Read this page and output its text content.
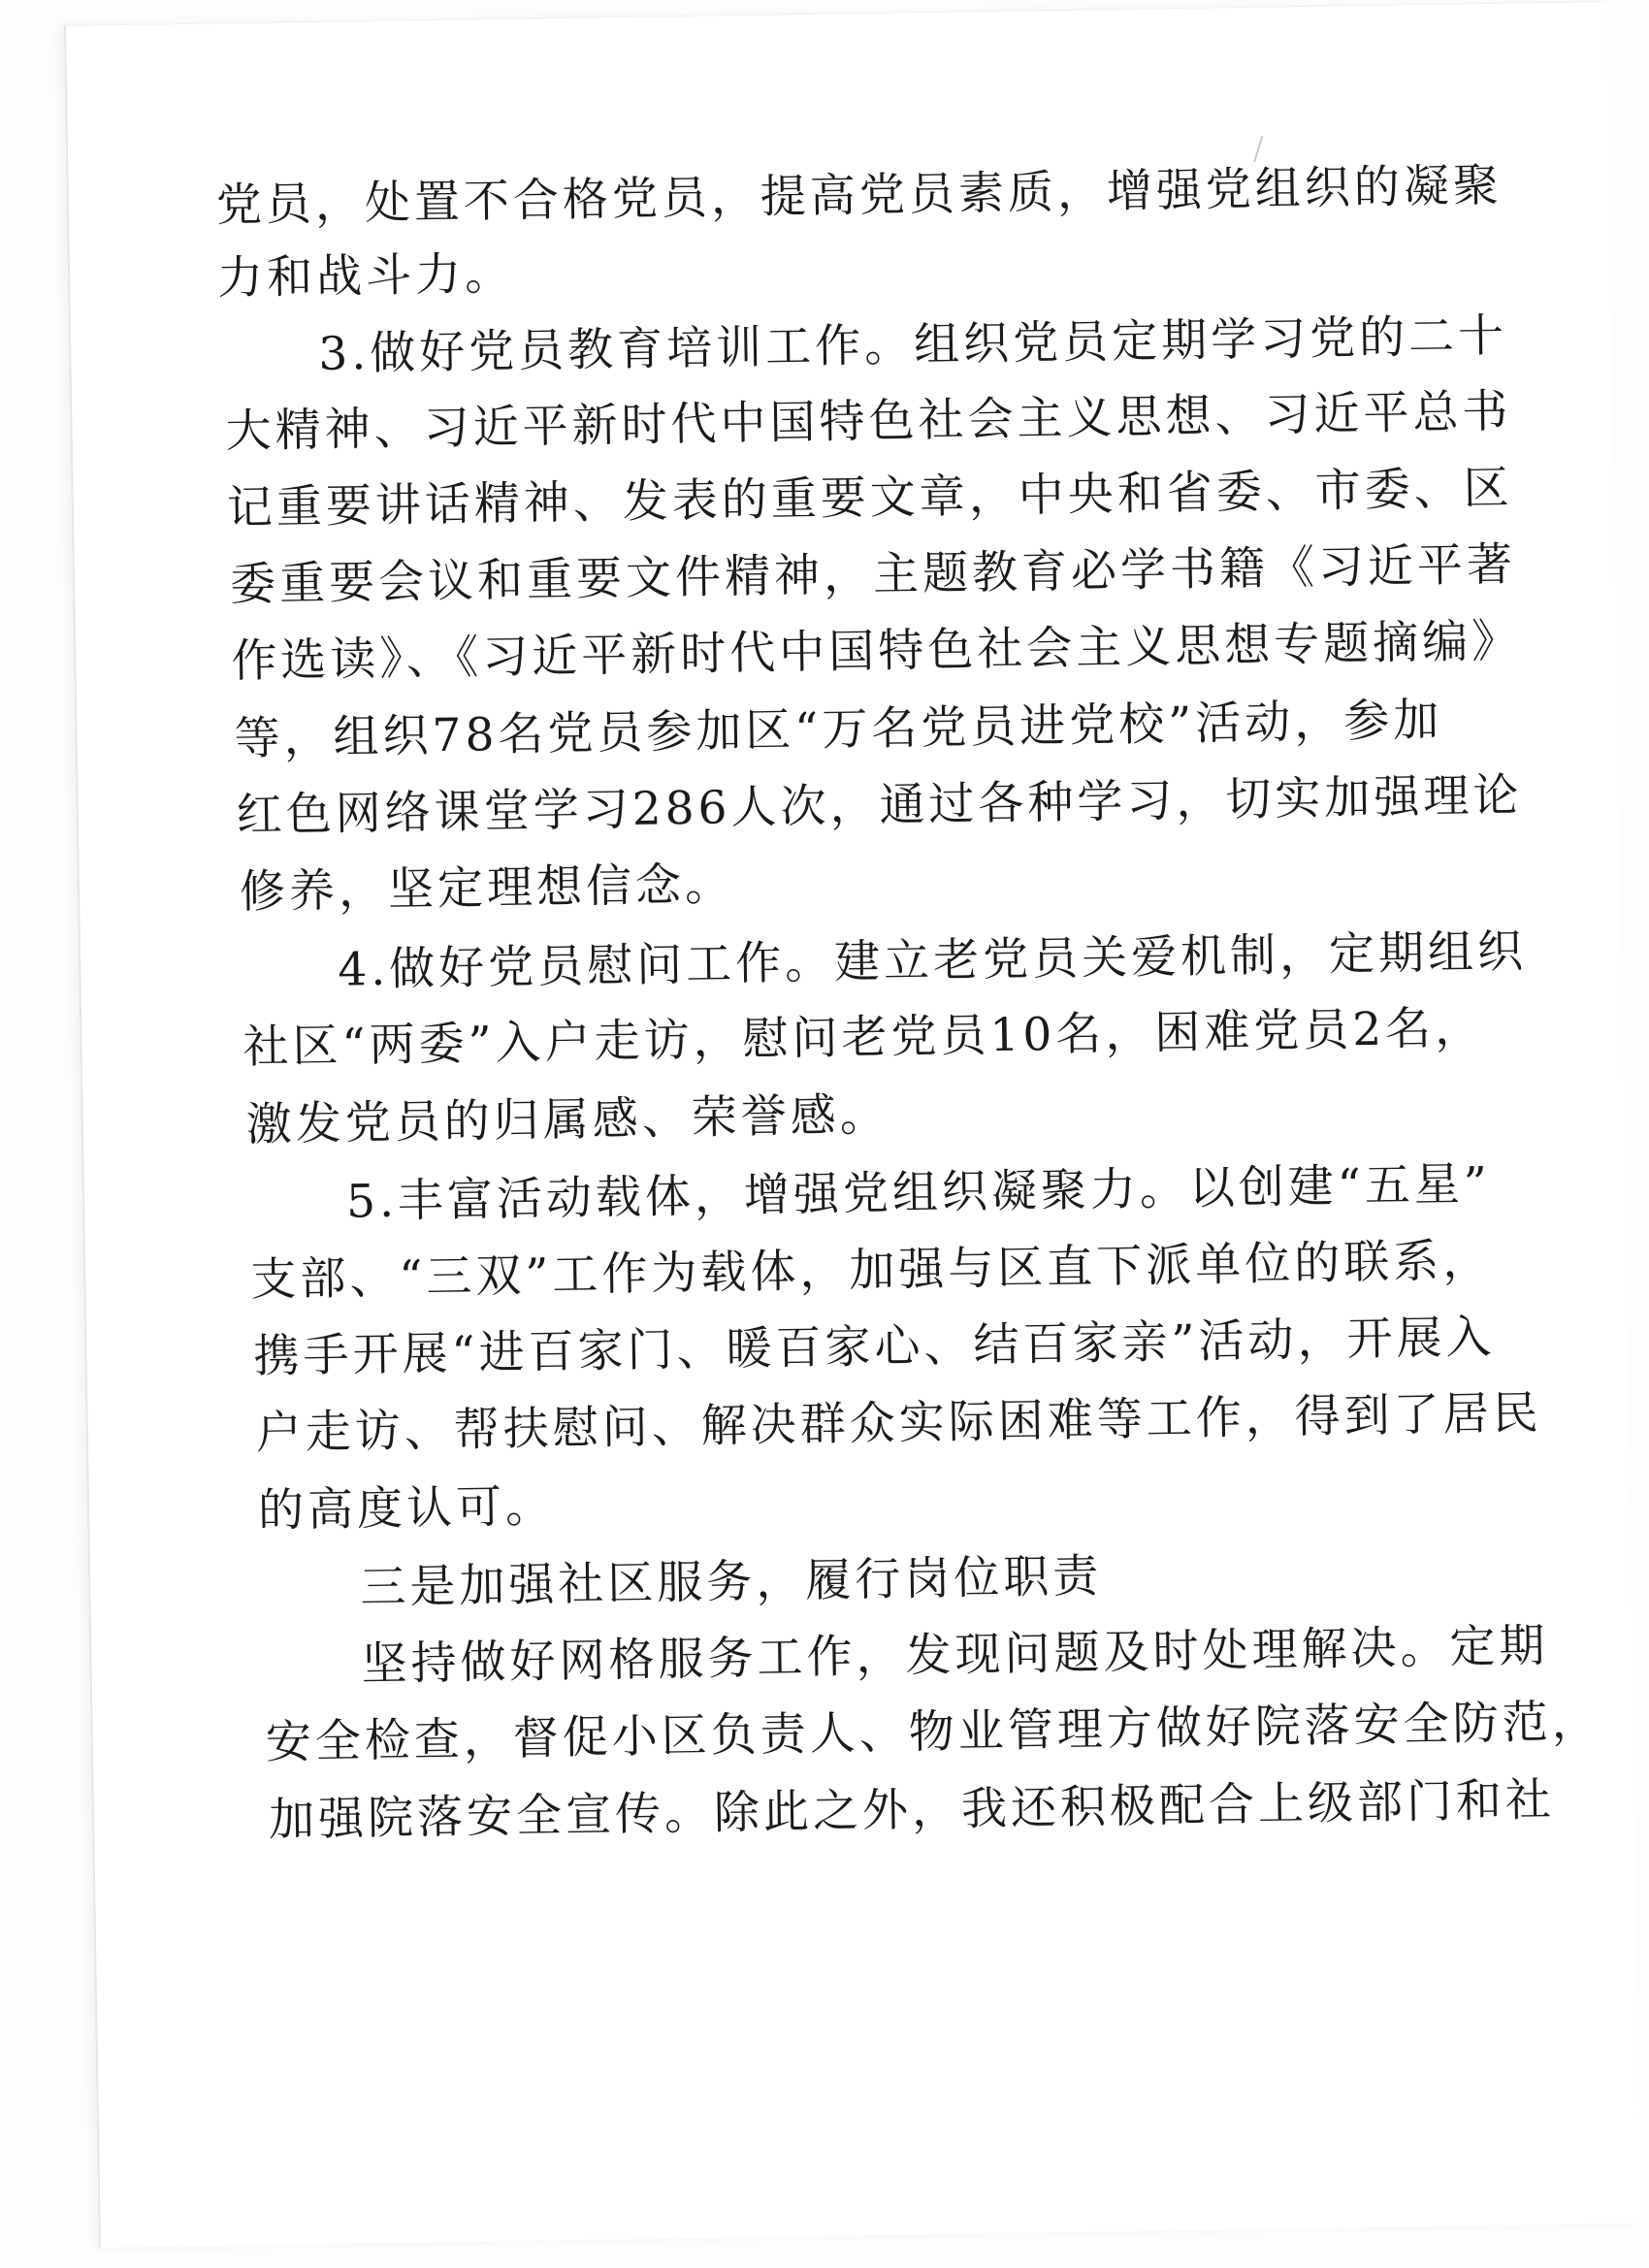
党员，处置不合格党员，提高党员素质，增强党组织的凝聚
力和战斗力。
3.做好党员教育培训工作。组织党员定期学习党的二十
大精神、习近平新时代中国特色社会主义思想、习近平总书
记重要讲话精神、发表的重要文章，中央和省委、市委、区
委重要会议和重要文件精神，主题教育必学书籍《习近平著
作选读》、《习近平新时代中国特色社会主义思想专题摘编》
等，组织78名党员参加区“万名党员进党校”活动，参加
红色网络课堂学习286人次，通过各种学习，切实加强理论
修养，坚定理想信念。
4.做好党员慰问工作。建立老党员关爱机制，定期组织
社区“两委”入户走访，慰问老党员10名，困难党员2名，
激发党员的归属感、荣誉感。
5.丰富活动载体，增强党组织凝聚力。以创建“五星”
支部、“三双”工作为载体，加强与区直下派单位的联系，
携手开展“进百家门、暖百家心、结百家亲”活动，开展入
户走访、帮扶慰问、解决群众实际困难等工作，得到了居民
的高度认可。
三是加强社区服务，履行岗位职责
坚持做好网格服务工作，发现问题及时处理解决。定期
安全检查，督促小区负责人、物业管理方做好院落安全防范，
加强院落安全宣传。除此之外，我还积极配合上级部门和社
